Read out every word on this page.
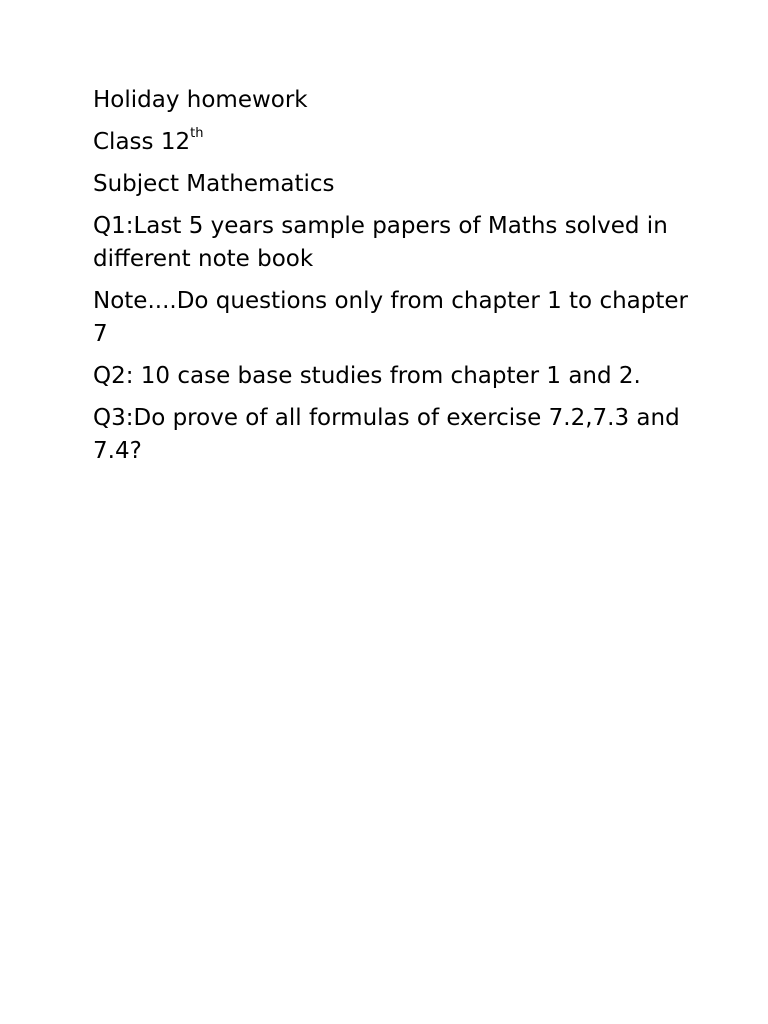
Holiday homework

Class 12th

Subject Mathematics

Q1:Last 5 years sample papers of Maths solved in different note book

Note....Do questions only from chapter 1 to chapter 7

Q2: 10 case base studies from chapter 1 and 2.

Q3:Do prove of all formulas of exercise 7.2,7.3 and 7.4?
